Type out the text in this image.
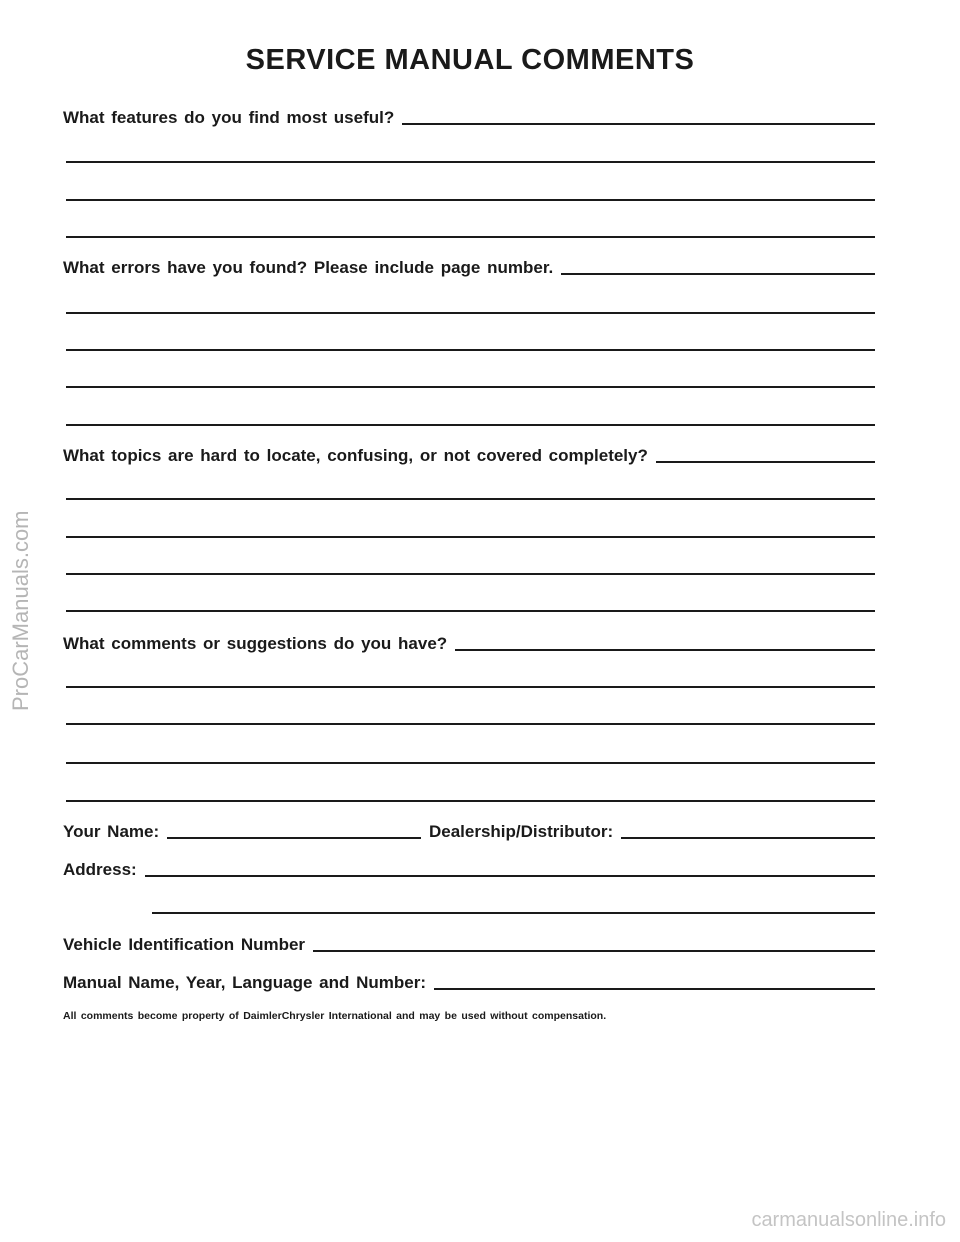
SERVICE MANUAL COMMENTS
What features do you find most useful?
What errors have you found? Please include page number.
What topics are hard to locate, confusing, or not covered completely?
What comments or suggestions do you have?
Your Name:	Dealership/Distributor:
Address:
Vehicle Identification Number
Manual Name, Year, Language and Number:
All comments become property of DaimlerChrysler International and may be used without compensation.
ProCarManuals.com
carmanualsonline.info
